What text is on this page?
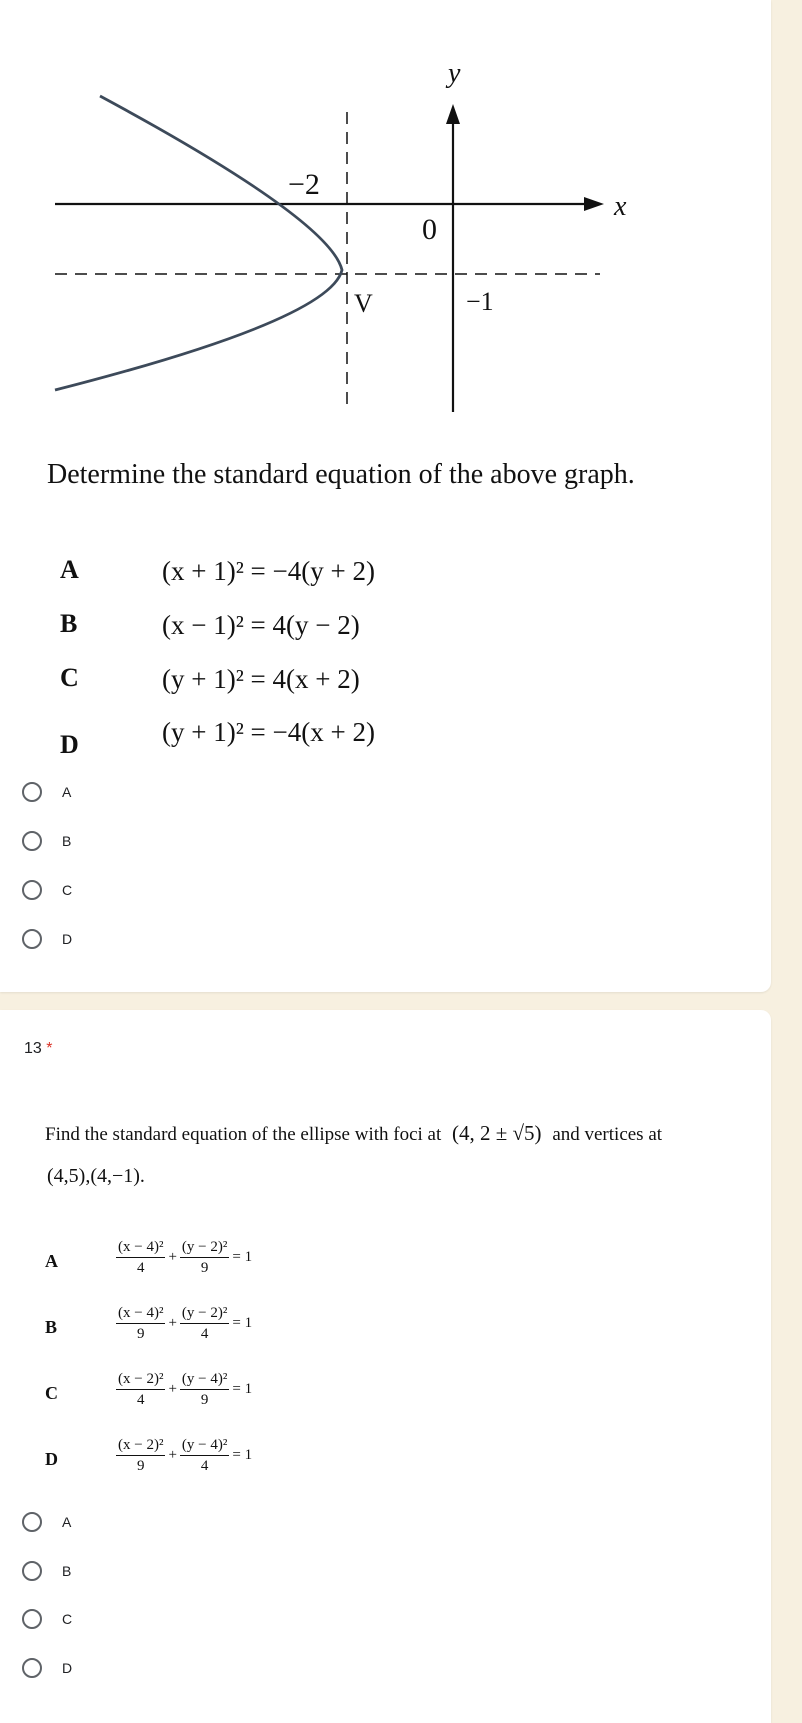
y
x
−2
0
−1
V
Determine the standard equation of the above graph.
A	(x + 1)² = −4(y + 2)
B	(x − 1)² = 4(y − 2)
C	(y + 1)² = 4(x + 2)
D	(y + 1)² = −4(x + 2)
A
B
C
D
13 *
Find the standard equation of the ellipse with foci at (4, 2 ± √5) and vertices at
(4,5),(4,−1).
A	$\frac{\text{(x − 4)²}}{4} + \frac{\text{(y − 2)²}}{9} = 1$
B	$\frac{\text{(x − 4)²}}{9} + \frac{\text{(y − 2)²}}{4} = 1$
C	$\frac{\text{(x − 2)²}}{4} + \frac{\text{(y − 4)²}}{9} = 1$
D	$\frac{\text{(x − 2)²}}{9} + \frac{\text{(y − 4)²}}{4} = 1$
A
B
C
D
